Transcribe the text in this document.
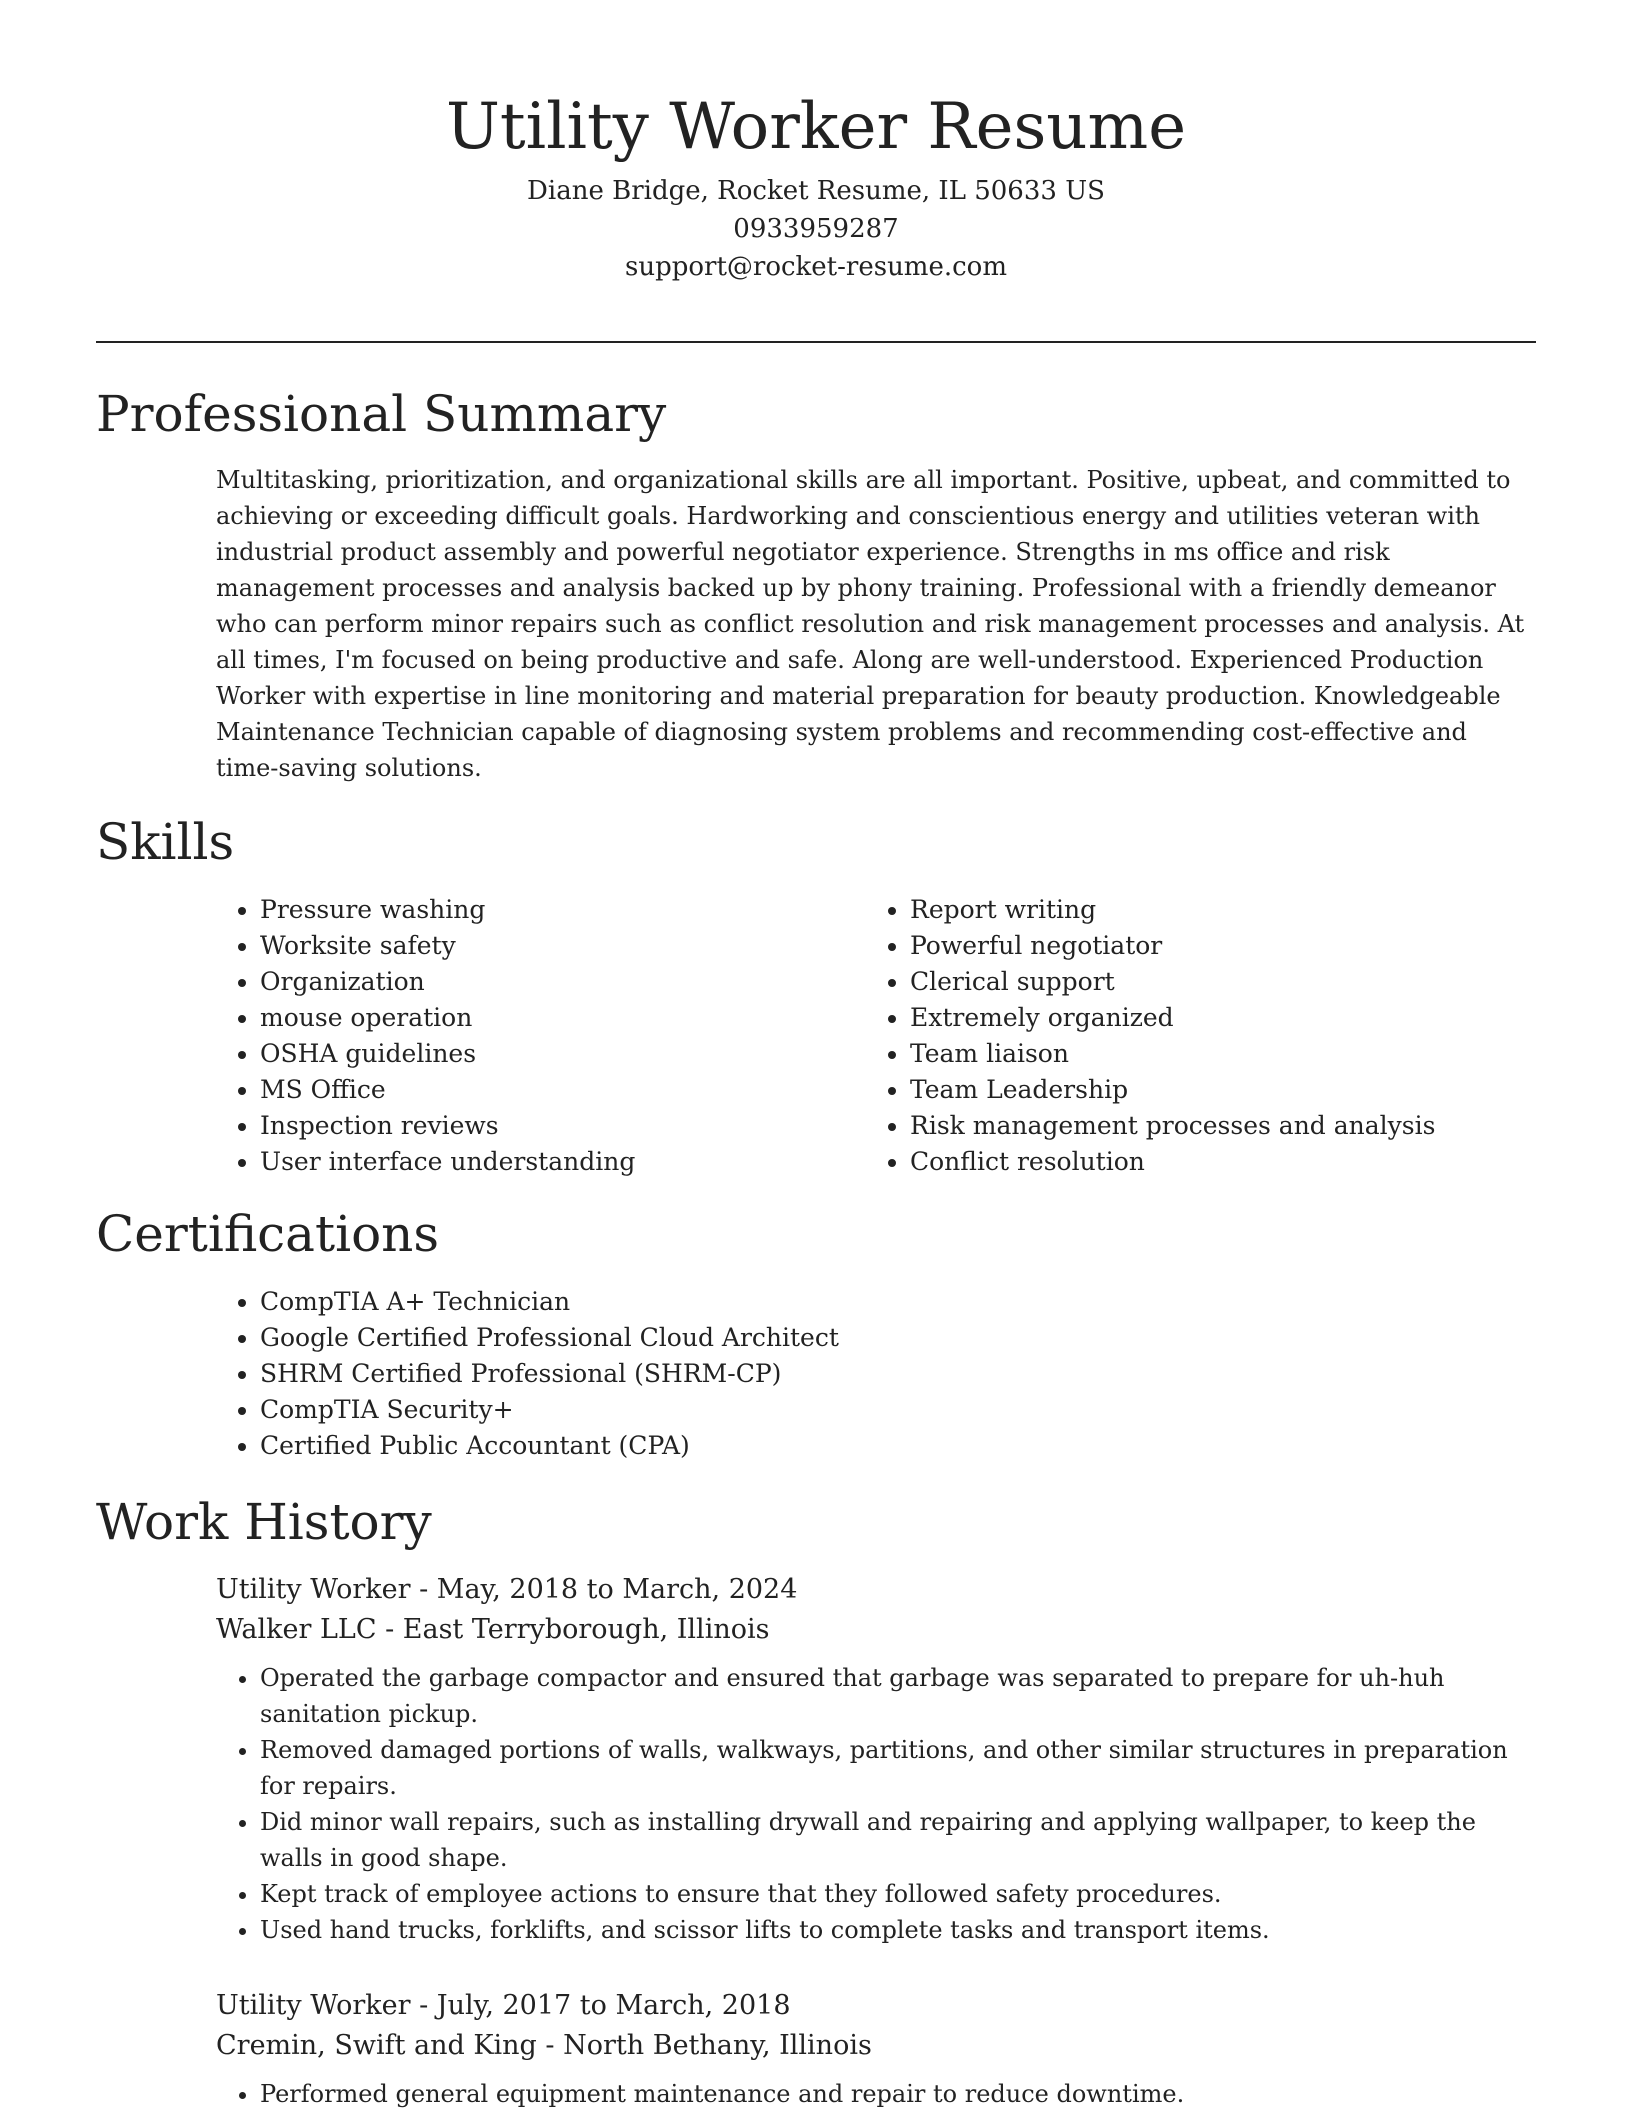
Utility Worker Resume
Diane Bridge, Rocket Resume, IL 50633 US
0933959287
support@rocket-resume.com
Professional Summary

Multitasking, prioritization, and organizational skills are all important. Positive, upbeat, and committed to achieving or exceeding difficult goals. Hardworking and conscientious energy and utilities veteran with industrial product assembly and powerful negotiator experience. Strengths in ms office and risk management processes and analysis backed up by phony training. Professional with a friendly demeanor who can perform minor repairs such as conflict resolution and risk management processes and analysis. At all times, I'm focused on being productive and safe. Along are well-understood. Experienced Production Worker with expertise in line monitoring and material preparation for beauty production. Knowledgeable Maintenance Technician capable of diagnosing system problems and recommending cost-effective and time-saving solutions.

Skills
• Pressure washing
• Worksite safety
• Organization
• mouse operation
• OSHA guidelines
• MS Office
• Inspection reviews
• User interface understanding
• Report writing
• Powerful negotiator
• Clerical support
• Extremely organized
• Team liaison
• Team Leadership
• Risk management processes and analysis
• Conflict resolution
Certifications
• CompTIA A+ Technician
• Google Certified Professional Cloud Architect
• SHRM Certified Professional (SHRM-CP)
• CompTIA Security+
• Certified Public Accountant (CPA)
Work History
Utility Worker - May, 2018 to March, 2024
Walker LLC - East Terryborough, Illinois
• Operated the garbage compactor and ensured that garbage was separated to prepare for uh-huh sanitation pickup.
• Removed damaged portions of walls, walkways, partitions, and other similar structures in preparation for repairs.
• Did minor wall repairs, such as installing drywall and repairing and applying wallpaper, to keep the walls in good shape.
• Kept track of employee actions to ensure that they followed safety procedures.
• Used hand trucks, forklifts, and scissor lifts to complete tasks and transport items.
Utility Worker - July, 2017 to March, 2018
Cremin, Swift and King - North Bethany, Illinois
• Performed general equipment maintenance and repair to reduce downtime.
